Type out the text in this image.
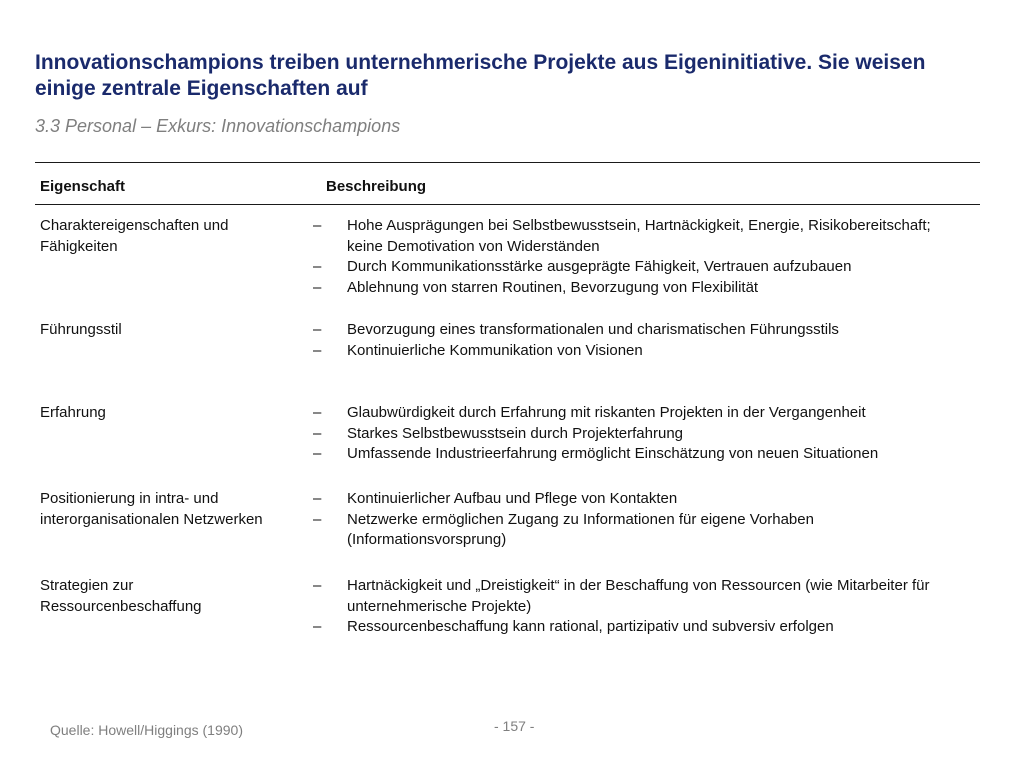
Innovationschampions treiben unternehmerische Projekte aus Eigeninitiative. Sie weisen einige zentrale Eigenschaften auf
3.3 Personal – Exkurs: Innovationschampions
Eigenschaft	Beschreibung
Charaktereigenschaften und Fähigkeiten
– Hohe Ausprägungen bei Selbstbewusstsein, Hartnäckigkeit, Energie, Risikobereitschaft; keine Demotivation von Widerständen
– Durch Kommunikationsstärke ausgeprägte Fähigkeit, Vertrauen aufzubauen
– Ablehnung von starren Routinen, Bevorzugung von Flexibilität
Führungsstil	– Bevorzugung eines transformationalen und charismatischen Führungsstils
– Kontinuierliche Kommunikation von Visionen
Erfahrung	– Glaubwürdigkeit durch Erfahrung mit riskanten Projekten in der Vergangenheit
– Starkes Selbstbewusstsein durch Projekterfahrung
– Umfassende Industrieerfahrung ermöglicht Einschätzung von neuen Situationen
Positionierung in intra- und interorganisationalen Netzwerken
– Kontinuierlicher Aufbau und Pflege von Kontakten
– Netzwerke ermöglichen Zugang zu Informationen für eigene Vorhaben (Informationsvorsprung)
Strategien zur Ressourcenbeschaffung
– Hartnäckigkeit und „Dreistigkeit“ in der Beschaffung von Ressourcen (wie Mitarbeiter für unternehmerische Projekte)
– Ressourcenbeschaffung kann rational, partizipativ und subversiv erfolgen
Quelle: Howell/Higgings (1990)	- 157 -
